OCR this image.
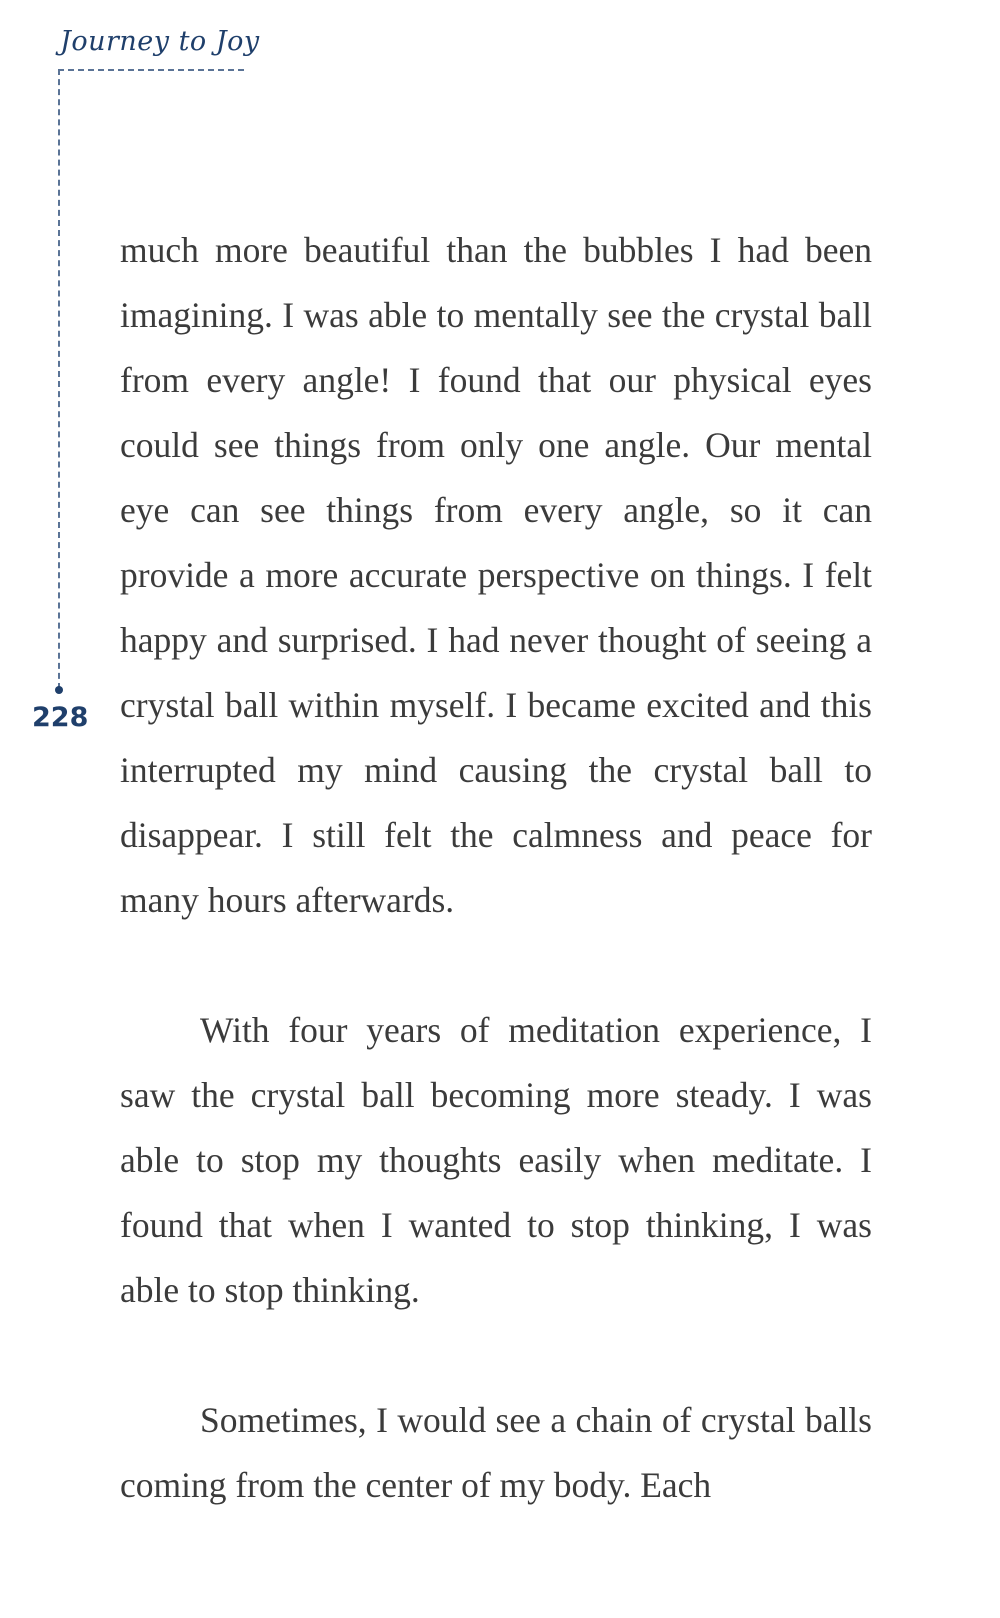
Journey to Joy
228

much more beautiful than the bubbles I had been imagining. I was able to mentally see the crystal ball from every angle! I found that our physical eyes could see things from only one angle. Our mental eye can see things from every angle, so it can provide a more accurate perspective on things. I felt happy and surprised. I had never thought of seeing a crystal ball within myself. I became excited and this interrupted my mind causing the crystal ball to disappear. I still felt the calmness and peace for many hours afterwards.

With four years of meditation experience, I saw the crystal ball becoming more steady. I was able to stop my thoughts easily when meditate. I found that when I wanted to stop thinking, I was able to stop thinking.

Sometimes, I would see a chain of crystal balls coming from the center of my body. Each
